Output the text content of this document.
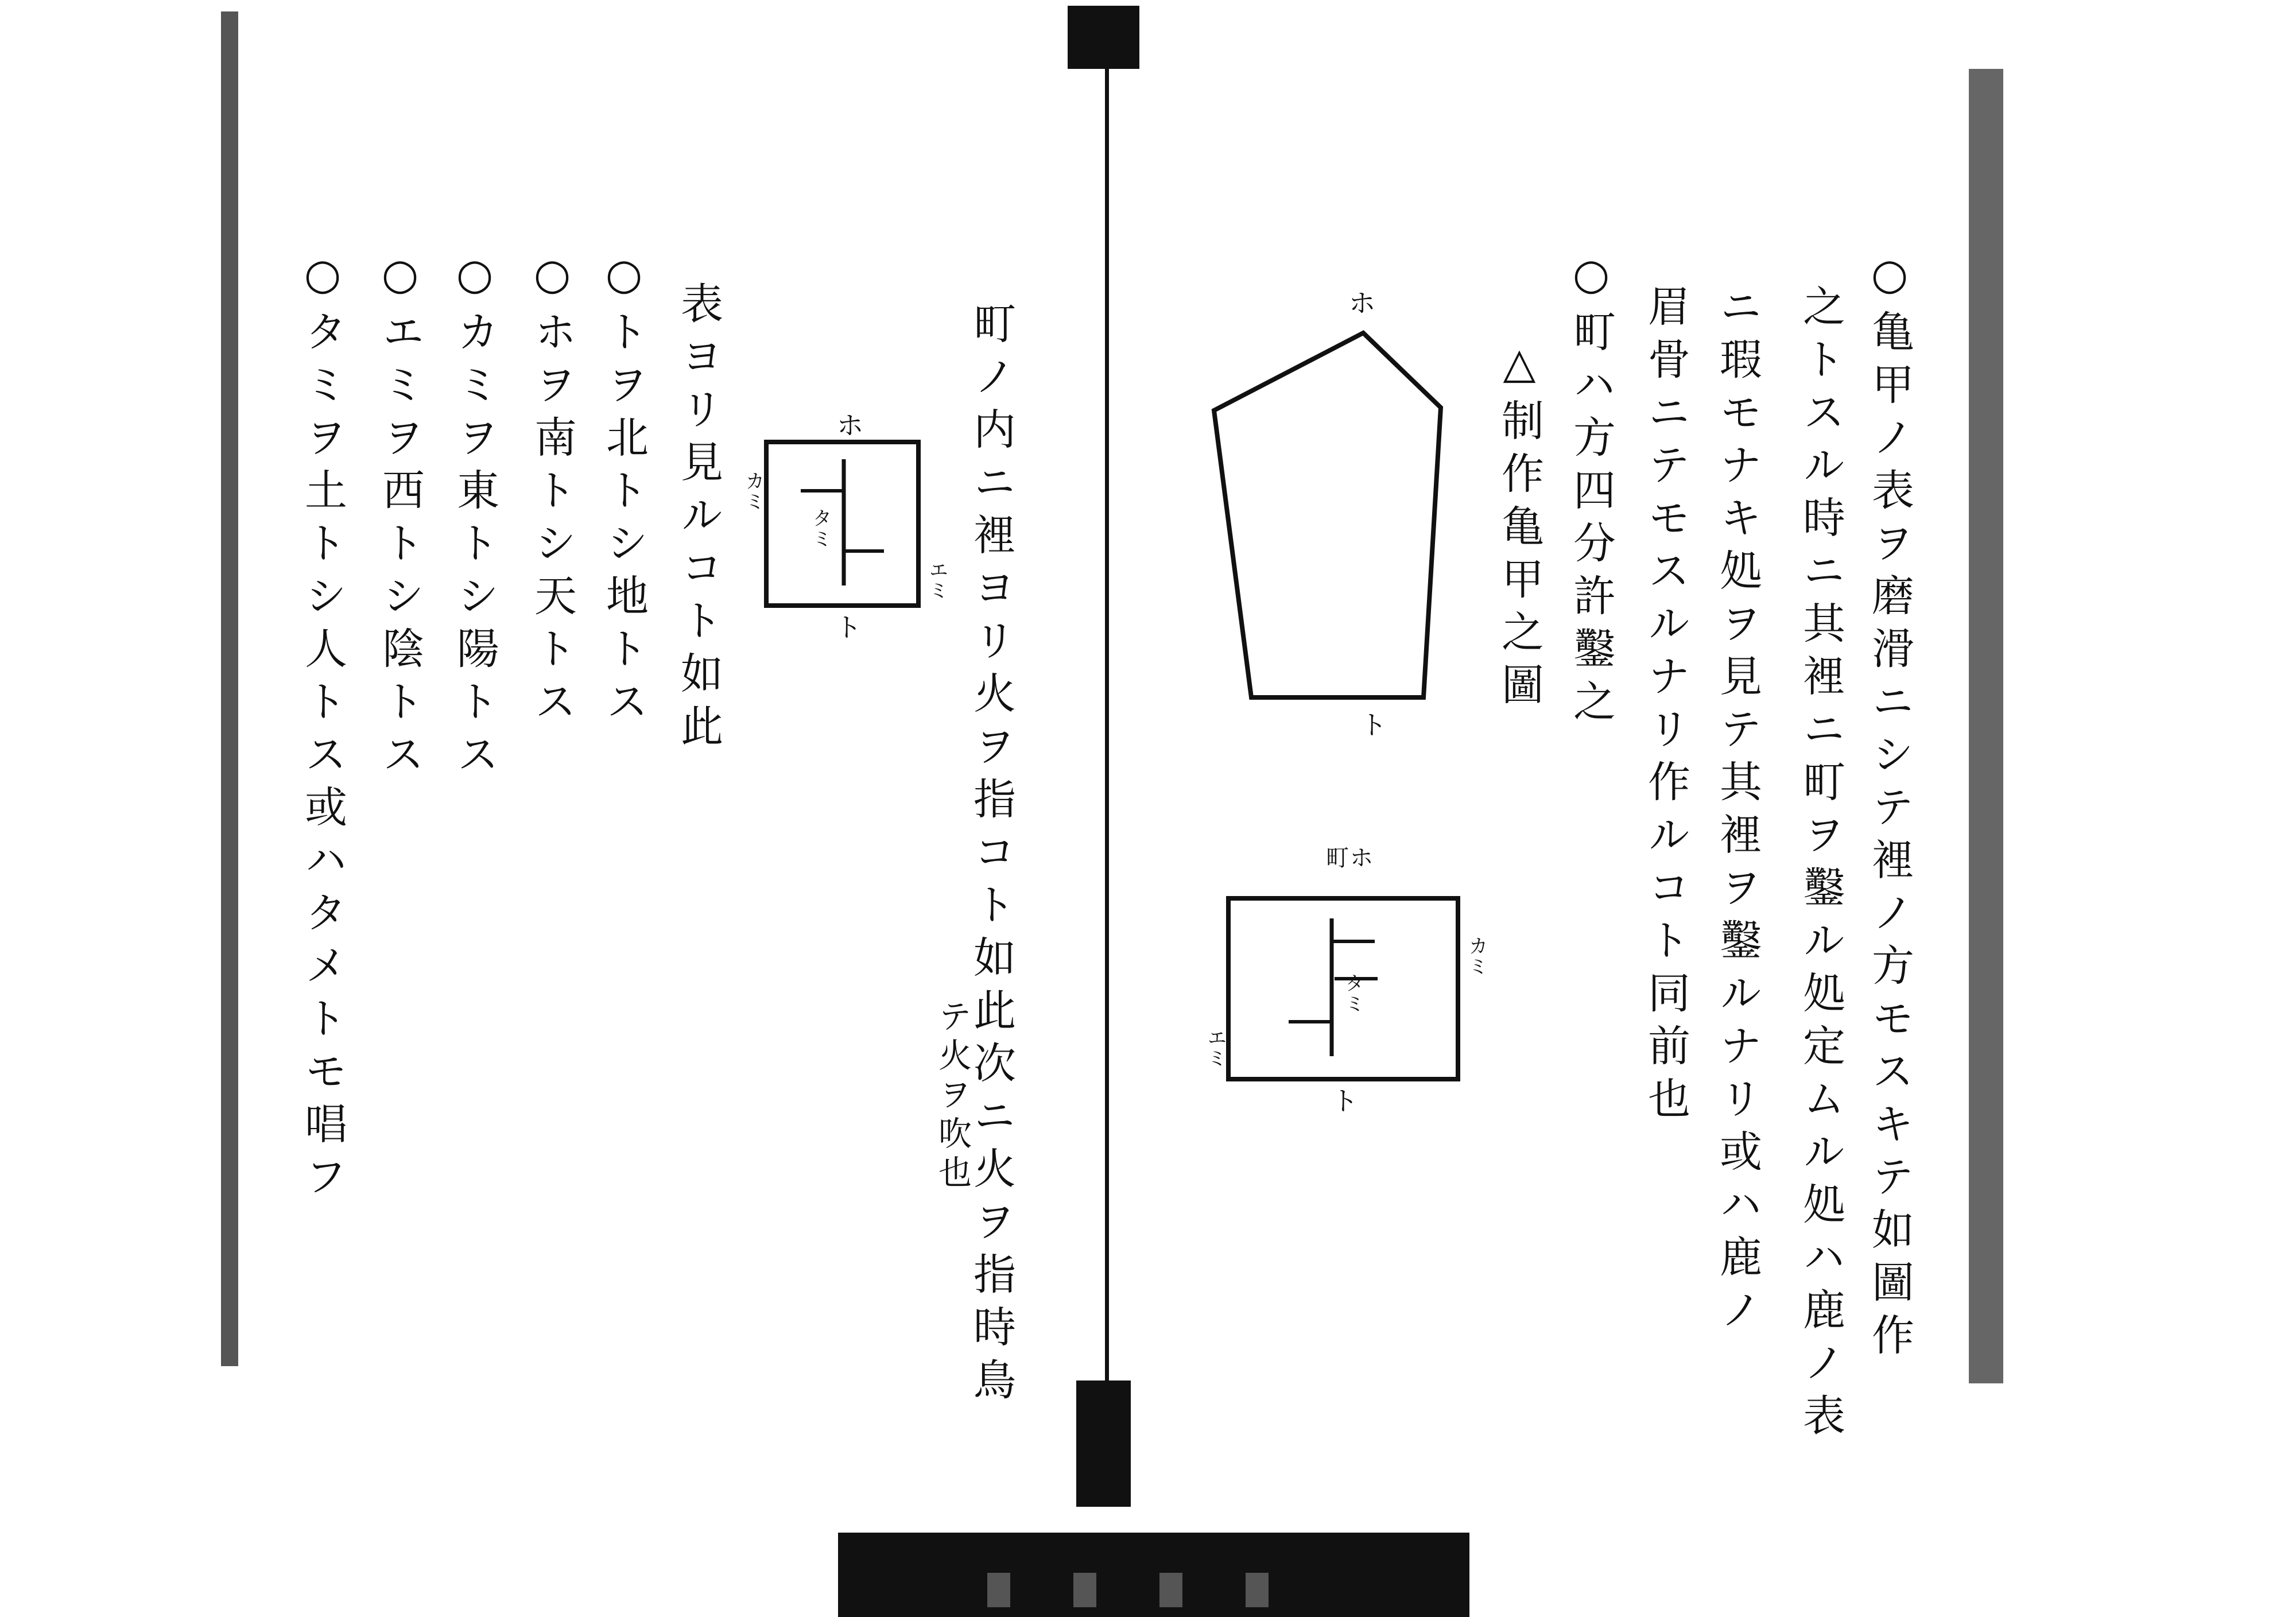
○亀甲ノ表ヲ磨滑ニシテ裡ノ方モスキテ如圖作
之トスル時ニ其裡ニ町ヲ鑿ル処定ムル処ハ鹿ノ表
ニ瑕モナキ処ヲ見テ其裡ヲ鑿ルナリ或ハ鹿ノ
眉骨ニテモスルナリ作ルコト同前也
○町ハ方四分許鑿之
△制作亀甲之圖
ホ
ト
町ホ
カミ
エミ
タミ
ト
町ノ内ニ裡ヨリ火ヲ指コト如此次ニ火ヲ指時鳥
テ火ヲ吹也
表ヨリ見ルコト如此
○トヲ北トシ地トス
○ホヲ南トシ天トス
○カミヲ東トシ陽トス
○エミヲ西トシ陰トス
○タミヲ土トシ人トス或ハタメトモ唱フ	ホ
カミ
エミ
タミ
ト
